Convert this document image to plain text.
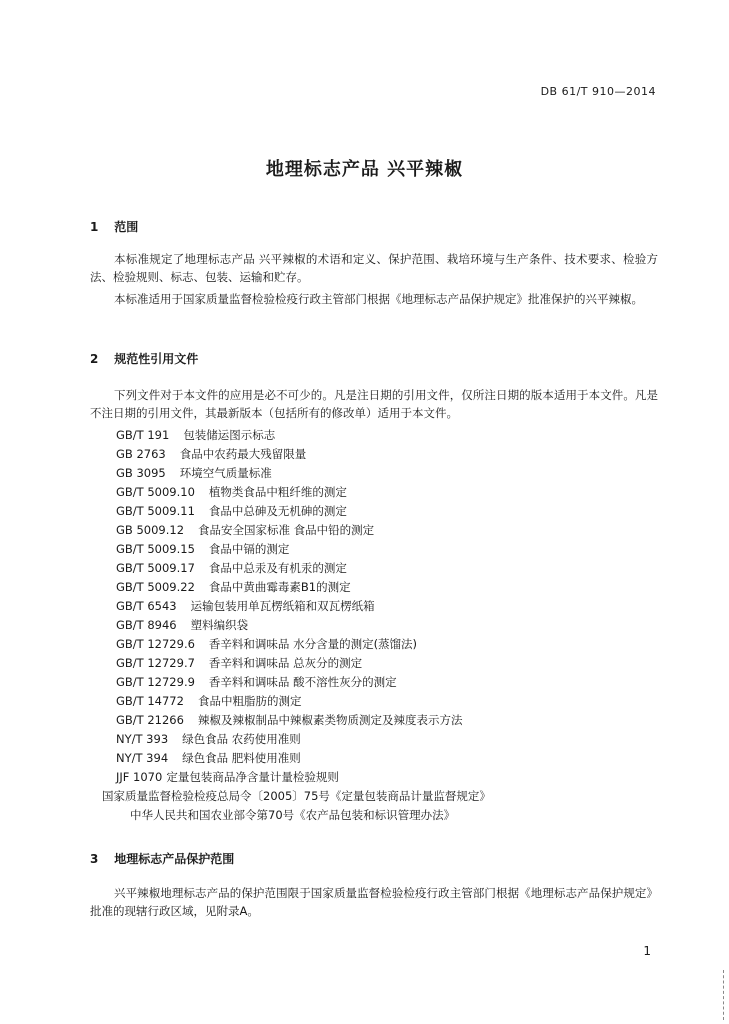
DB 61/T 910—2014
地理标志产品 兴平辣椒
1 范围
本标准规定了地理标志产品 兴平辣椒的术语和定义、保护范围、栽培环境与生产条件、技术要求、检验方法、检验规则、标志、包装、运输和贮存。
本标准适用于国家质量监督检验检疫行政主管部门根据《地理标志产品保护规定》批准保护的兴平辣椒。
2 规范性引用文件
下列文件对于本文件的应用是必不可少的。凡是注日期的引用文件，仅所注日期的版本适用于本文件。凡是不注日期的引用文件，其最新版本（包括所有的修改单）适用于本文件。
GB/T 191 包装储运图示标志
GB 2763 食品中农药最大残留限量
GB 3095 环境空气质量标准
GB/T 5009.10 植物类食品中粗纤维的测定
GB/T 5009.11 食品中总砷及无机砷的测定
GB 5009.12 食品安全国家标准 食品中铅的测定
GB/T 5009.15 食品中镉的测定
GB/T 5009.17 食品中总汞及有机汞的测定
GB/T 5009.22 食品中黄曲霉毒素B1的测定
GB/T 6543 运输包装用单瓦楞纸箱和双瓦楞纸箱
GB/T 8946 塑料编织袋
GB/T 12729.6 香辛料和调味品 水分含量的测定(蒸馏法)
GB/T 12729.7 香辛料和调味品 总灰分的测定
GB/T 12729.9 香辛料和调味品 酸不溶性灰分的测定
GB/T 14772 食品中粗脂肪的测定
GB/T 21266 辣椒及辣椒制品中辣椒素类物质测定及辣度表示方法
NY/T 393 绿色食品 农药使用准则
NY/T 394 绿色食品 肥料使用准则
JJF 1070 定量包装商品净含量计量检验规则
国家质量监督检验检疫总局令〔2005〕75号《定量包装商品计量监督规定》
中华人民共和国农业部令第70号《农产品包装和标识管理办法》
3 地理标志产品保护范围
兴平辣椒地理标志产品的保护范围限于国家质量监督检验检疫行政主管部门根据《地理标志产品保护规定》批准的现辖行政区域，见附录A。
1
